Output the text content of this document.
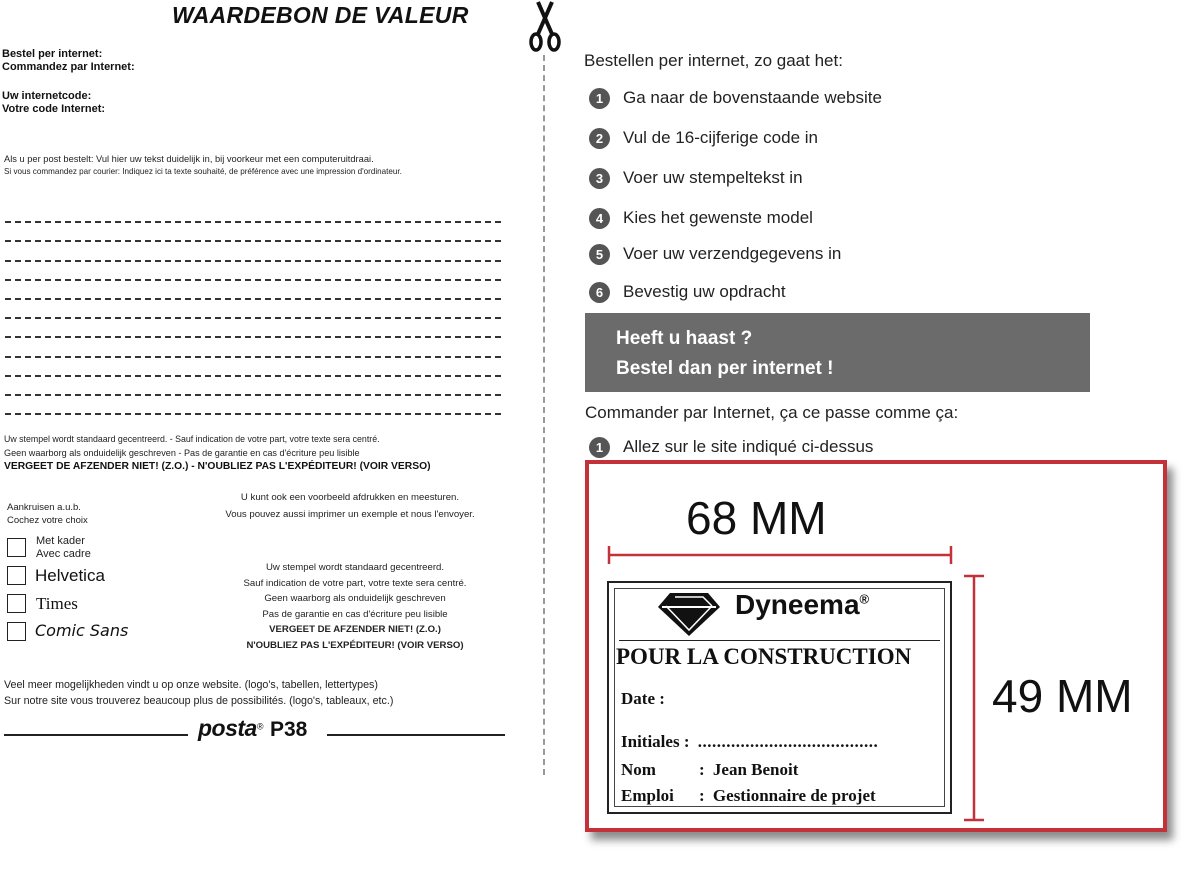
WAARDEBON DE VALEUR
Bestel per internet:
Commandez par Internet:
Uw internetcode:
Votre code Internet:
Als u per post bestelt: Vul hier uw tekst duidelijk in, bij voorkeur met een computeruitdraai.
Si vous commandez par courier: Indiquez ici ta texte souhaité, de préférence avec une impression d'ordinateur.
Uw stempel wordt standaard gecentreerd. - Sauf indication de votre part, votre texte sera centré.
Geen waarborg als onduidelijk geschreven - Pas de garantie en cas d'écriture peu lisible
VERGEET DE AFZENDER NIET! (Z.O.) - N'OUBLIEZ PAS L'EXPÉDITEUR! (VOIR VERSO)
Aankruisen a.u.b.
Cochez votre choix
U kunt ook een voorbeeld afdrukken en meesturen.
Vous pouvez aussi imprimer un exemple et nous l'envoyer.
Met kader
Avec cadre
Helvetica
Times
Comic Sans
Uw stempel wordt standaard gecentreerd.
Sauf indication de votre part, votre texte sera centré.
Geen waarborg als onduidelijk geschreven
Pas de garantie en cas d'écriture peu lisible
VERGEET DE AFZENDER NIET! (Z.O.)
N'OUBLIEZ PAS L'EXPÉDITEUR! (VOIR VERSO)
Veel meer mogelijkheden vindt u op onze website. (logo's, tabellen, lettertypes)
Sur notre site vous trouverez beaucoup plus de possibilités. (logo's, tableaux, etc.)
posta® P38
Bestellen per internet, zo gaat het:
1	Ga naar de bovenstaande website
2	Vul de 16-cijferige code in
3	Voer uw stempeltekst in
4	Kies het gewenste model
5	Voer uw verzendgegevens in
6	Bevestig uw opdracht
Heeft u haast ?
Bestel dan per internet !
Commander par Internet, ça ce passe comme ça:
1	Allez sur le site indiqué ci-dessus
68 MM
49 MM
Dyneema®
POUR LA CONSTRUCTION
Date :
Initiales : ......................................
Nom	: Jean Benoit
Emploi : Gestionnaire de projet
